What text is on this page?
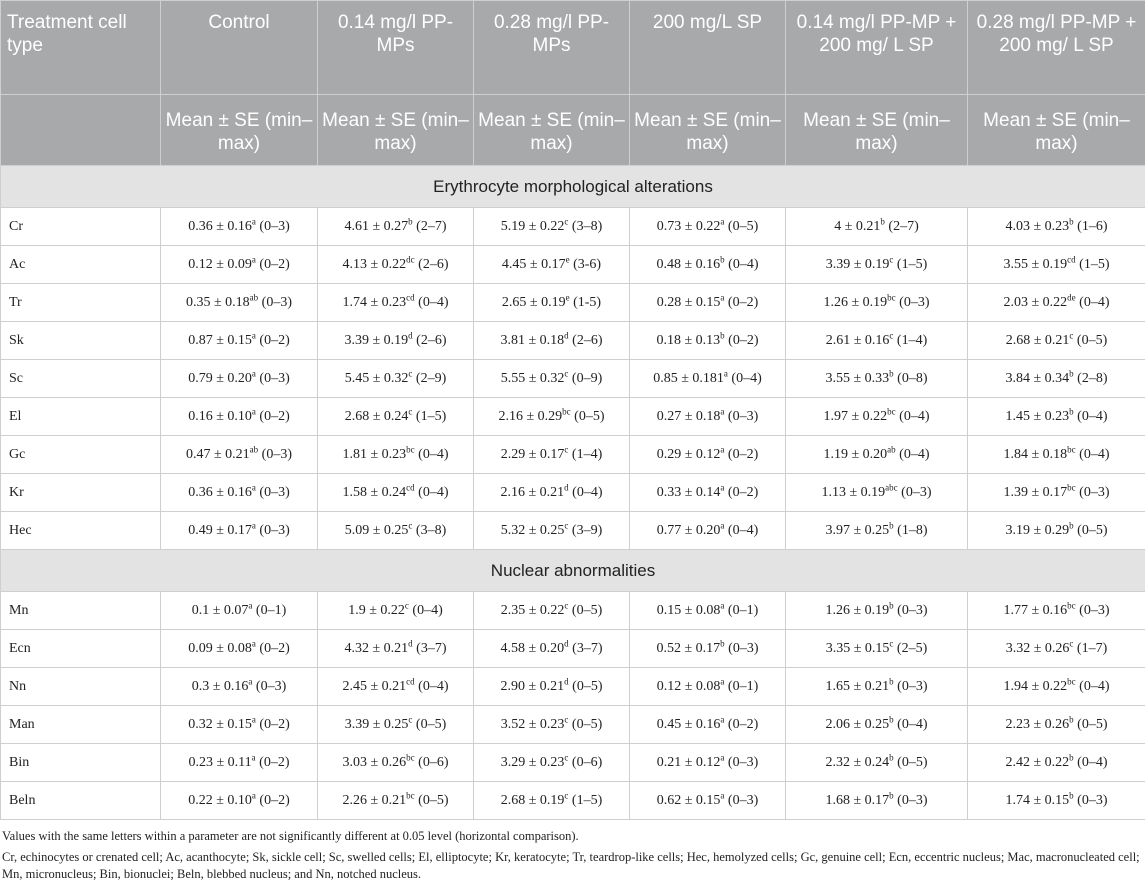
Treatment cell type	Control	0.14 mg/l PP-MPs	0.28 mg/l PP-MPs	200 mg/L SP	0.14 mg/l PP-MP + 200 mg/ L SP	0.28 mg/l PP-MP + 200 mg/ L SP
	Mean ± SE (min–max)	Mean ± SE (min–max)	Mean ± SE (min–max)	Mean ± SE (min–max)	Mean ± SE (min–max)	Mean ± SE (min–max)
Erythrocyte morphological alterations						
Cr	0.36 ± 0.16$^a$ (0–3)	4.61 ± 0.27$^b$ (2–7)	5.19 ± 0.22$^c$ (3–8)	0.73 ± 0.22$^a$ (0–5)	4 ± 0.21$^b$ (2–7)	4.03 ± 0.23$^b$ (1–6)
Ac	0.12 ± 0.09$^a$ (0–2)	4.13 ± 0.22$^{dc}$ (2–6)	4.45 ± 0.17$^e$ (3-6)	0.48 ± 0.16$^b$ (0–4)	3.39 ± 0.19$^c$ (1–5)	3.55 ± 0.19$^{cd}$ (1–5)
Tr	0.35 ± 0.18$^{ab}$ (0–3)	1.74 ± 0.23$^{cd}$ (0–4)	2.65 ± 0.19$^e$ (1-5)	0.28 ± 0.15$^a$ (0–2)	1.26 ± 0.19$^{bc}$ (0–3)	2.03 ± 0.22de (0–4)
Sk	0.87 ± 0.15$^a$ (0–2)	3.39 ± 0.19$^d$ (2–6)	3.81 ± 0.18$^d$ (2–6)	0.18 ± 0.13$^b$ (0–2)	2.61 ± 0.16$^c$ (1–4)	2.68 ± 0.21$^c$ (0–5)
Sc	0.79 ± 0.20$^a$ (0–3)	5.45 ± 0.32$^c$ (2–9)	5.55 ± 0.32$^c$ (0–9)	0.85 ± 0.181$^a$ (0–4)	3.55 ± 0.33$^b$ (0–8)	3.84 ± 0.34$^b$ (2–8)
El	0.16 ± 0.10$^a$ (0–2)	2.68 ± 0.24$^c$ (1–5)	2.16 ± 0.29$^{bc}$ (0–5)	0.27 ± 0.18$^a$ (0–3)	1.97 ± 0.22$^{bc}$ (0–4)	1.45 ± 0.23$^b$ (0–4)
Gc	0.47 ± 0.21$^{ab}$ (0–3)	1.81 ± 0.23$^{bc}$ (0–4)	2.29 ± 0.17$^c$ (1–4)	0.29 ± 0.12$^a$ (0–2)	1.19 ± 0.20$^{ab}$ (0–4)	1.84 ± 0.18$^{bc}$ (0–4)
Kr	0.36 ± 0.16$^a$ (0–3)	1.58 ± 0.24$^{cd}$ (0–4)	2.16 ± 0.21$^d$ (0–4)	0.33 ± 0.14$^a$ (0–2)	1.13 ± 0.19$^{abc}$ (0–3)	1.39 ± 0.17$^{bc}$ (0–3)
Hec	0.49 ± 0.17$^a$ (0–3)	5.09 ± 0.25$^c$ (3–8)	5.32 ± 0.25$^c$ (3–9)	0.77 ± 0.20$^a$ (0–4)	3.97 ± 0.25$^b$ (1–8)	3.19 ± 0.29$^b$ (0–5)
Nuclear abnormalities						
Mn	0.1 ± 0.07$^a$ (0–1)	1.9 ± 0.22$^c$ (0–4)	2.35 ± 0.22$^c$ (0–5)	0.15 ± 0.08$^a$ (0–1)	1.26 ± 0.19$^b$ (0–3)	1.77 ± 0.16$^{bc}$ (0–3)
Ecn	0.09 ± 0.08$^a$ (0–2)	4.32 ± 0.21$^d$ (3–7)	4.58 ± 0.20$^d$ (3–7)	0.52 ± 0.17$^b$ (0–3)	3.35 ± 0.15$^c$ (2–5)	3.32 ± 0.26$^c$ (1–7)
Nn	0.3 ± 0.16$^a$ (0–3)	2.45 ± 0.21$^{cd}$ (0–4)	2.90 ± 0.21$^d$ (0–5)	0.12 ± 0.08$^a$ (0–1)	1.65 ± 0.21$^b$ (0–3)	1.94 ± 0.22$^{bc}$ (0–4)
Man	0.32 ± 0.15$^a$ (0–2)	3.39 ± 0.25$^c$ (0–5)	3.52 ± 0.23$^c$ (0–5)	0.45 ± 0.16$^a$ (0–2)	2.06 ± 0.25$^b$ (0–4)	2.23 ± 0.26$^b$ (0–5)
Bin	0.23 ± 0.11$^a$ (0–2)	3.03 ± 0.26$^{bc}$ (0–6)	3.29 ± 0.23$^c$ (0–6)	0.21 ± 0.12$^a$ (0–3)	2.32 ± 0.24$^b$ (0–5)	2.42 ± 0.22$^b$ (0–4)
Beln	0.22 ± 0.10$^a$ (0–2)	2.26 ± 0.21$^{bc}$ (0–5)	2.68 ± 0.19$^c$ (1–5)	0.62 ± 0.15$^a$ (0–3)	1.68 ± 0.17$^b$ (0–3)	1.74 ± 0.15$^b$ (0–3)

Values with the same letters within a parameter are not significantly different at 0.05 level (horizontal comparison).

Cr, echinocytes or crenated cell; Ac, acanthocyte; Sk, sickle cell; Sc, swelled cells; El, elliptocyte; Kr, keratocyte; Tr, teardrop-like cells; Hec, hemolyzed cells; Gc, genuine cell; Ecn, eccentric nucleus; Mac, macronucleated cell; Mn, micronucleus; Bin, bionuclei; Beln, blebbed nucleus; and Nn, notched nucleus.
